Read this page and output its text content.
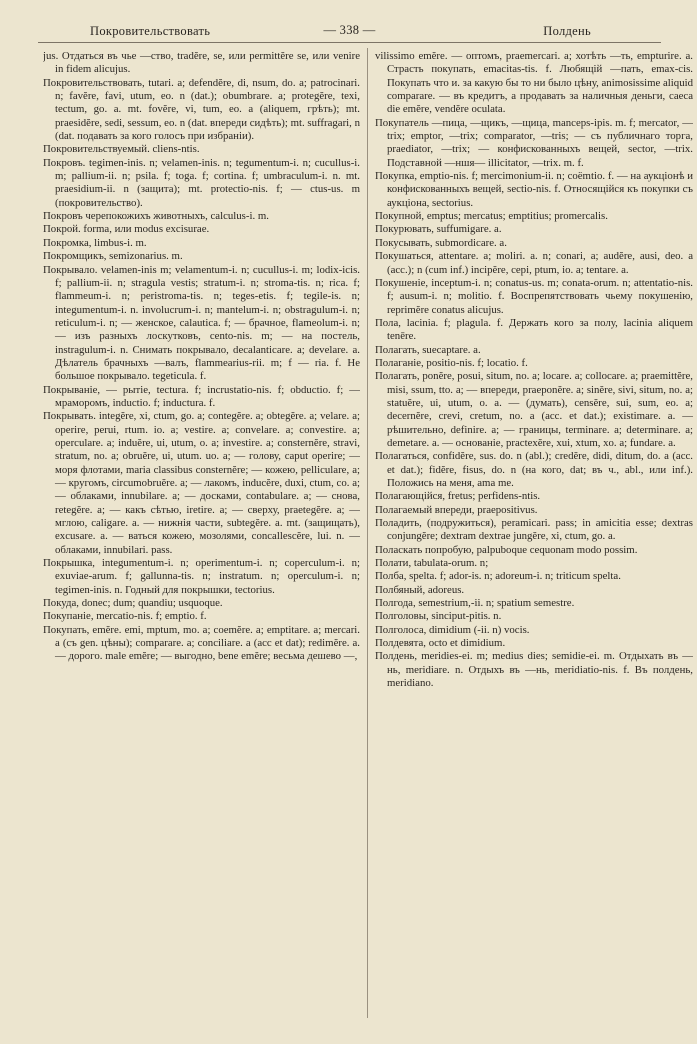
Покровительствовать	— 338 —	Полдень
jus. Отдаться въ чье —ство, tradĕre, se, или permittĕre se, или venire in fidem alicujus.
Покровительствовать, tutari. a; defendĕre, di, nsum, do. a; patrocinari. n; favĕre, favi, utum, eo. n (dat.); obumbrare. a; protegĕre, texi, tectum, go. a. mt. fovĕre, vi, tum, eo. a (aliquem, грѣть); mt. praesidĕre, sedi, sessum, eo. n (dat. впереди сидѣть); mt. suffragari, n (dat. подавать за кого голосъ при избраніи).
Покровительствуемый. cliens-ntis.
Покровъ. tegimen-inis. n; velamen-inis. n; tegumentum-i. n; cucullus-i. m; pallium-ii. n; psila. f; toga. f; cortina. f; umbraculum-i. n. mt. praesidium-ii. n (защита); mt. protectio-nis. f; — ctus-us. m (покровительство).
Покровъ черепокожихъ животныхъ, calculus-i. m.
Покрой. forma, или modus excisurae.
Покромка, limbus-i. m.
Покромщикъ, semizonarius. m.
Покрывало. velamen-inis m; velamentum-i. n; cucullus-i. m; lodix-icis. f; pallium-ii. n; stragula vestis; stratum-i. n; stroma-tis. n; rica. f; flammeum-i. n; peristroma-tis. n; teges-etis. f; tegile-is. n; integumentum-i. n. involucrum-i. n; mantelum-i. n; obstragulum-i. n; reticulum-i. n; — женское, calautica. f; — брачное, flameolum-i. n; — изъ разныхъ лоскутковъ, cento-nis. m; — на постель, instragulum-i. n. Снимать покрывало, decalanticare. a; develare. a. Дѣлатель брачныхъ —валъ, flammearius-rii. m; f — ria. f. Не большое покрывало. tegeticula. f.
Покрываніе, — рытіе, tectura. f; incrustatio-nis. f; obductio. f; — мраморомъ, inductio. f; inductura. f.
Покрывать. integĕre, xi, ctum, go. a; contegĕre. a; obtegĕre. a; velare. a; operire, perui, rtum. io. a; vestire. a; convelare. a; convestire. a; operculare. a; induĕre, ui, utum, o. a; investire. a; consternĕre, stravi, stratum, no. a; obruĕre, ui, utum. uo. a; — голову, caput operire; — моря флотами, maria classibus consternĕre; — кожею, pelliculare, a; — кругомъ, circumobruĕre. a; — лакомъ, inducĕre, duxi, ctum, co. a; — облаками, innubilare. a; — досками, contabulare. a; — снова, retegĕre. a; — какъ сѣтью, iretire. a; — сверху, praetegĕre. a; — мглою, caligare. a. — нижнія части, subtegĕre. a. mt. (защищать), excusare. a. — ваться кожею, мозолями, concallescĕre, lui. n. — облаками, innubilari. pass.
Покрышка, integumentum-i. n; operimentum-i. n; coperculum-i. n; exuviae-arum. f; gallunna-tis. n; instratum. n; operculum-i. n; tegimen-inis. n. Годный для покрышки, tectorius.
Покуда, donec; dum; quandiu; usquoque.
Покупаніе, mercatio-nis. f; emptio. f.
Покупать, emĕre. emi, mptum, mo. a; coemĕre. a; emptitare. a; mercari. a (съ gen. цѣны); comparare. a; conciliare. a (acc et dat); redimĕre. a. — дорого. male emĕre; — выгодно, bene emĕre; весьма дешево —,
vilissimo emĕre. — оптомъ, praemercari. a; хотѣть —ть, empturire. a. Страсть покупать, emacitas-tis. f. Любящій —пать, emax-cis. Покупать что и. за какую бы то ни было цѣну, animosissime aliquid comparare. — въ кредитъ, а продавать за наличныя деньги, caeca die emĕre, vendĕre oculata.
Покупатель —пица, —щикъ, —щица, manceps-ipis. m. f; mercator, —trix; emptor, —trix; comparator, —tris; — съ публичнаго торга, praediator, —trix; — конфискованныхъ вещей, sector, —trix. Подставной —ншя— illicitator, —trix. m. f.
Покупка, emptio-nis. f; mercimonium-ii. n; coëmtio. f. — на аукціонѣ и конфискованныхъ вещей, sectio-nis. f. Относящійся къ покупки съ аукціона, sectorius.
Покупной, emptus; mercatus; emptitius; promercalis.
Покурювать, suffumigare. a.
Покусывать, submordicare. a.
Покушаться, attentare. a; moliri. a. n; conari, a; audĕre, ausi, deo. a (acc.); n (cum inf.) incipĕre, cepi, ptum, io. a; tentare. a.
Покушеніе, inceptum-i. n; conatus-us. m; conata-orum. n; attentatio-nis. f; ausum-i. n; molitio. f. Воспрепятствовать чьему покушенію, reprimĕre conatus alicujus.
Пола, lacinia. f; plagula. f. Держать кого за полу, lacinia aliquem tenēre.
Полагать, suecaptare. a.
Полаганіе, positio-nis. f; locatio. f.
Полагать, ponĕre, posui, situm, no. a; locare. a; collocare. a; praemittĕre, misi, ssum, tto. a; — впереди, praeponĕre. a; sinĕre, sivi, situm, no. a; statuĕre, ui, utum, o. a. — (думать), censĕre, sui, sum, eo. a; decernĕre, crevi, cretum, no. a (acc. et dat.); existimare. a. — рѣшительно, definire. a; — границы, terminare. a; determinare. a; demetare. a. — основаніе, practexĕre, xui, xtum, xo. a; fundare. a.
Полагаться, confidĕre, sus. do. n (abl.); credĕre, didi, ditum, do. a (acc. et dat.); fidĕre, fisus, do. n (на кого, dat; въ ч., abl., или inf.). Положись на меня, ama me.
Полагающійся, fretus; perfidens-ntis.
Полагаемый впереди, praepositivus.
Поладить, (подружиться), peramicari. pass; in amicitia esse; dextras conjungĕre; dextram dextrae jungĕre, xi, ctum, go. a.
Поласкать попробую, palpuboque cequonam modo possim.
Полати, tabulata-orum. n;
Полба, spelta. f; ador-is. n; adoreum-i. n; triticum spelta.
Полбяный, adoreus.
Полгода, semestrium,-ii. n; spatium semestre.
Полголовы, sinciput-pitis. n.
Полголоса, dimidium (-ii. n) vocis.
Полдевята, octo et dimidium.
Полдень, meridies-ei. m; medius dies; semidie-ei. m. Отдыхать въ —нь, meridiare. n. Отдыхъ въ —нь, meridiatio-nis. f. Въ полдень, meridiano.
